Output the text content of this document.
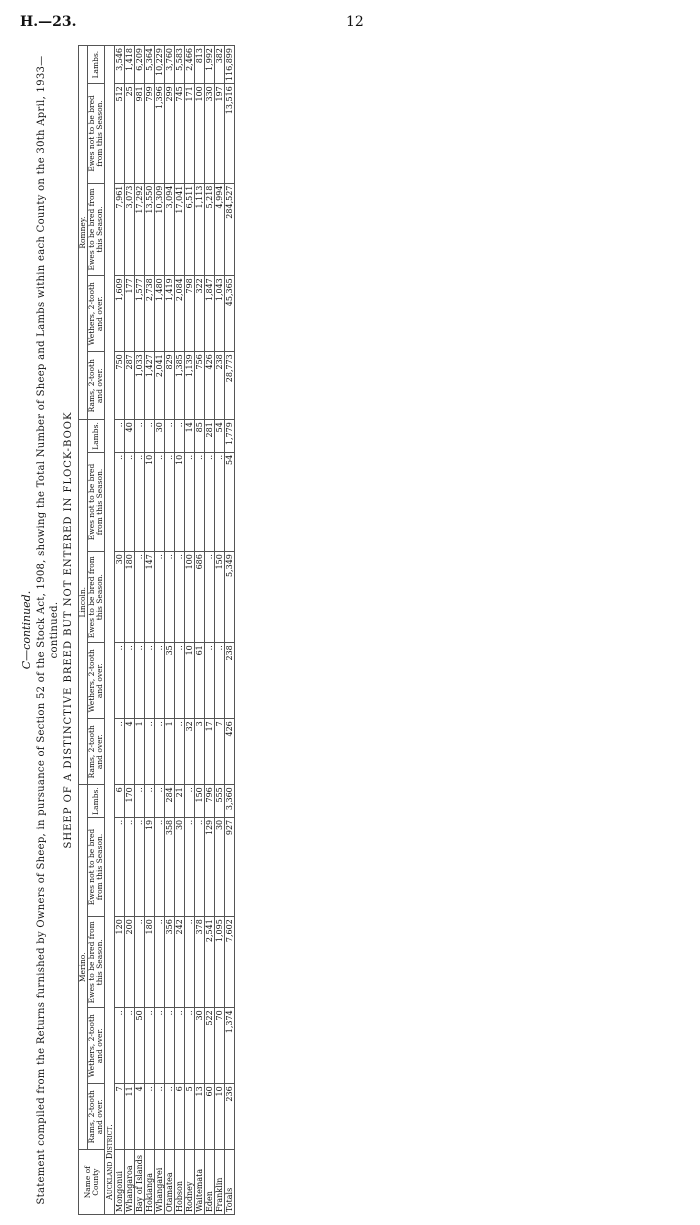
H.—23.	12
C—continued. Statement compiled from the Returns furnished by Owners of Sheep, in pursuance of Section 52 of the Stock Act, 1908, showing the Total Number of Sheep and Lambs within each County on the 30th April, 1933—continued. SHEEP OF A DISTINCTIVE BREED BUT NOT ENTERED IN FLOCK-BOOK
Name of County	Merino.					Lincoln.					Romney.				
	Rams, 2-tooth and over.	Wethers, 2-tooth and over.	Ewes to be bred from this Season.	Ewes not to be bred from this Season.	Lambs.	Rams, 2-tooth and over.	Wethers, 2-tooth and over.	Ewes to be bred from this Season.	Ewes not to be bred from this Season.	Lambs.	Rams, 2-tooth and over.	Wethers, 2-tooth and over.	Ewes to be bred from this Season.	Ewes not to be bred from this Season.	Lambs.
Auckland District.															
Mongonui	7	..	120	..	6	..	..	30	..	..	750	1,609	7,961	512	3,546
Whangaroa	11	..	200	..	170	4	..	180	..	40	287	177	3,073	25	1,418
Bay of Islands	4	50	..	..	..	1	..	..	..	..	1,033	1,577	17,292	981	6,209
Hokianga	..	..	180	19	..	..	..	147	10	..	1,427	2,738	13,550	799	5,364
Whangarei	..	..	..	..	..	..	..	..	..	30	2,041	1,480	10,309	1,396	10,229
Otamatea	..	..	356	358	284	1	35	..	..	..	829	1,419	3,094	299	3,760
Hobson	6	..	242	30	21	..	..	..	10	..	1,385	2,084	17,041	745	5,583
Rodney	5	..	..	..	..	32	10	100	..	14	1,139	798	6,511	171	2,466
Waitemata	13	30	378	..	150	3	61	686	..	85	756	322	1,113	100	813
Eden	60	522	2,541	129	796	17	..	..	..	281	426	1,847	5,218	330	1,992
Franklin	10	70	1,095	30	555	7	..	150	..	54	238	1,043	4,994	197	382
Totals	236	1,374	7,602	927	3,360	426	238	5,349	54	1,779	28,773	45,365	284,527	13,516	116,899
